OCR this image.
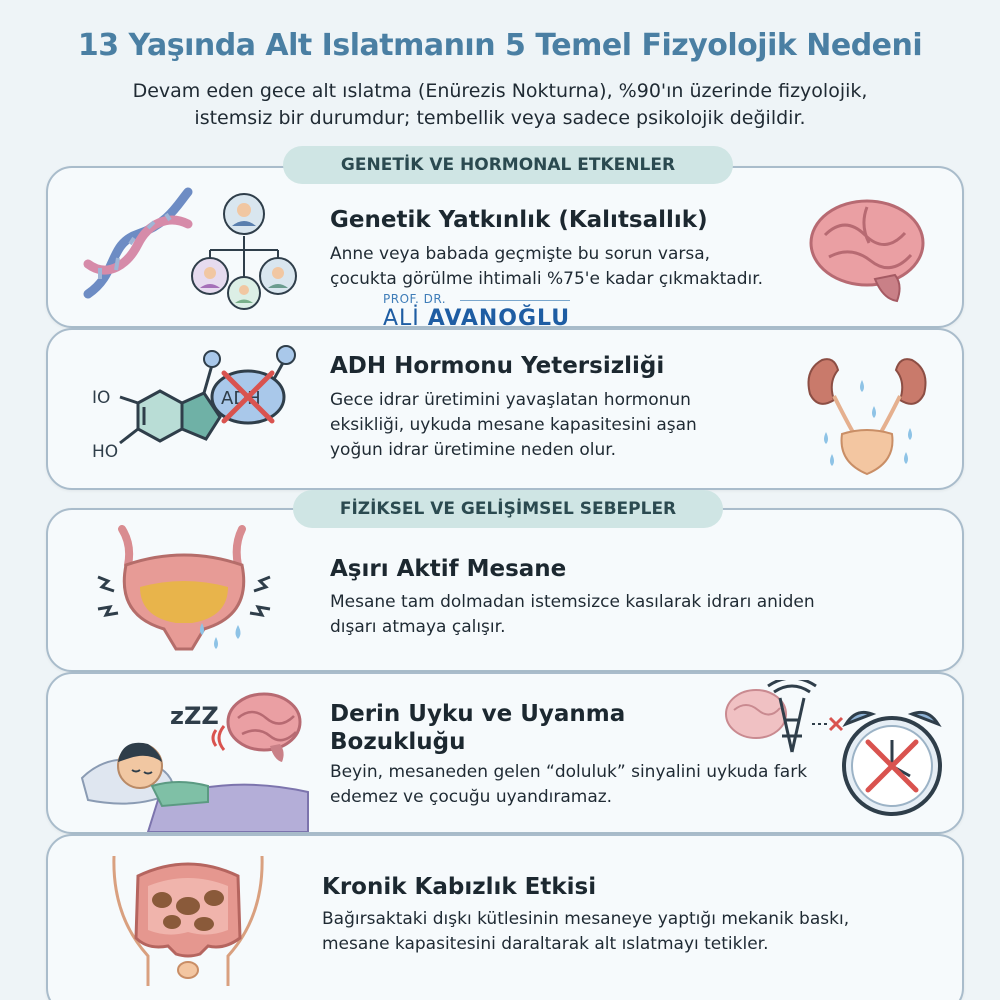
13 Yaşında Alt Islatmanın 5 Temel Fizyolojik Nedeni
Devam eden gece alt ıslatma (Enürezis Nokturna), %90'ın üzerinde fizyolojik,
istemsiz bir durumdur; tembellik veya sadece psikolojik değildir.
GENETİK VE HORMONAL ETKENLER
Genetik Yatkınlık (Kalıtsallık)
Anne veya babada geçmişte bu sorun varsa,
çocukta görülme ihtimali %75'e kadar çıkmaktadır.
PROF. DR.
ALİ AVANOĞLU
IO
HO
ADH
ADH Hormonu Yetersizliği
Gece idrar üretimini yavaşlatan hormonun
eksikliği, uykuda mesane kapasitesini aşan
yoğun idrar üretimine neden olur.
FİZİKSEL VE GELİŞİMSEL SEBEPLER
Aşırı Aktif Mesane
Mesane tam dolmadan istemsizce kasılarak idrarı aniden
dışarı atmaya çalışır.
zZZ	Derin Uyku ve Uyanma
Bozukluğu
Beyin, mesaneden gelen “doluluk” sinyalini uykuda fark
edemez ve çocuğu uyandıramaz.
Kronik Kabızlık Etkisi
Bağırsaktaki dışkı kütlesinin mesaneye yaptığı mekanik baskı,
mesane kapasitesini daraltarak alt ıslatmayı tetikler.
